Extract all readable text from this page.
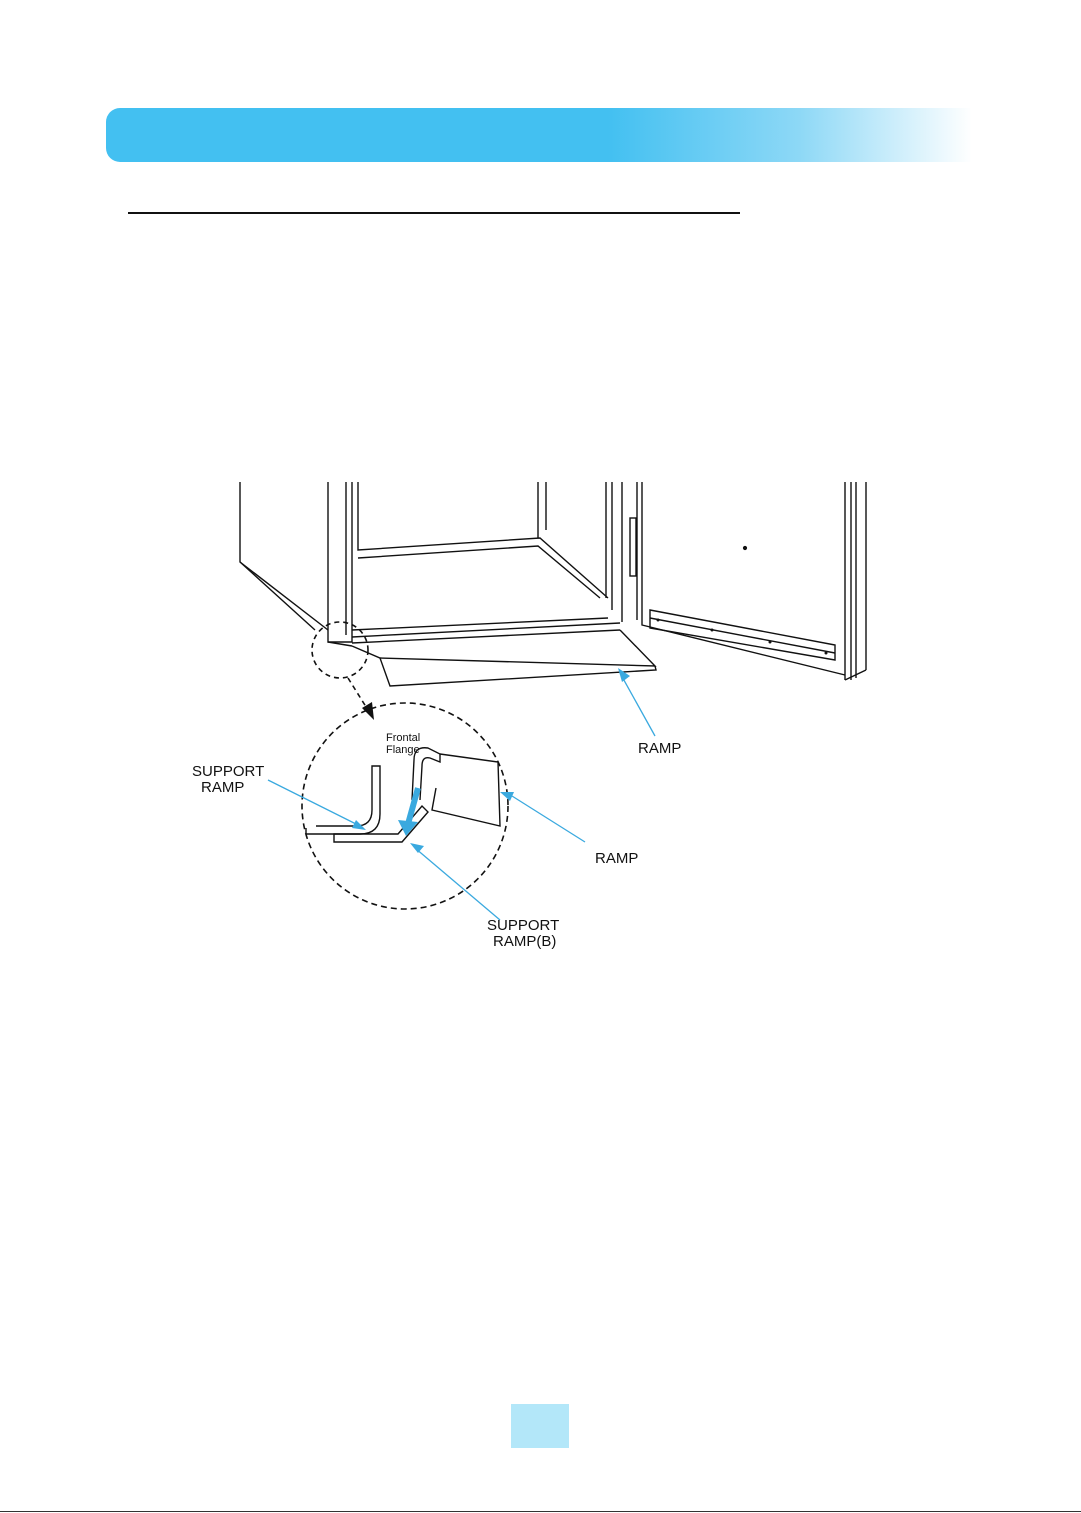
Frontal
Flange
SUPPORT
RAMP
RAMP
RAMP
SUPPORT
RAMP(B)
